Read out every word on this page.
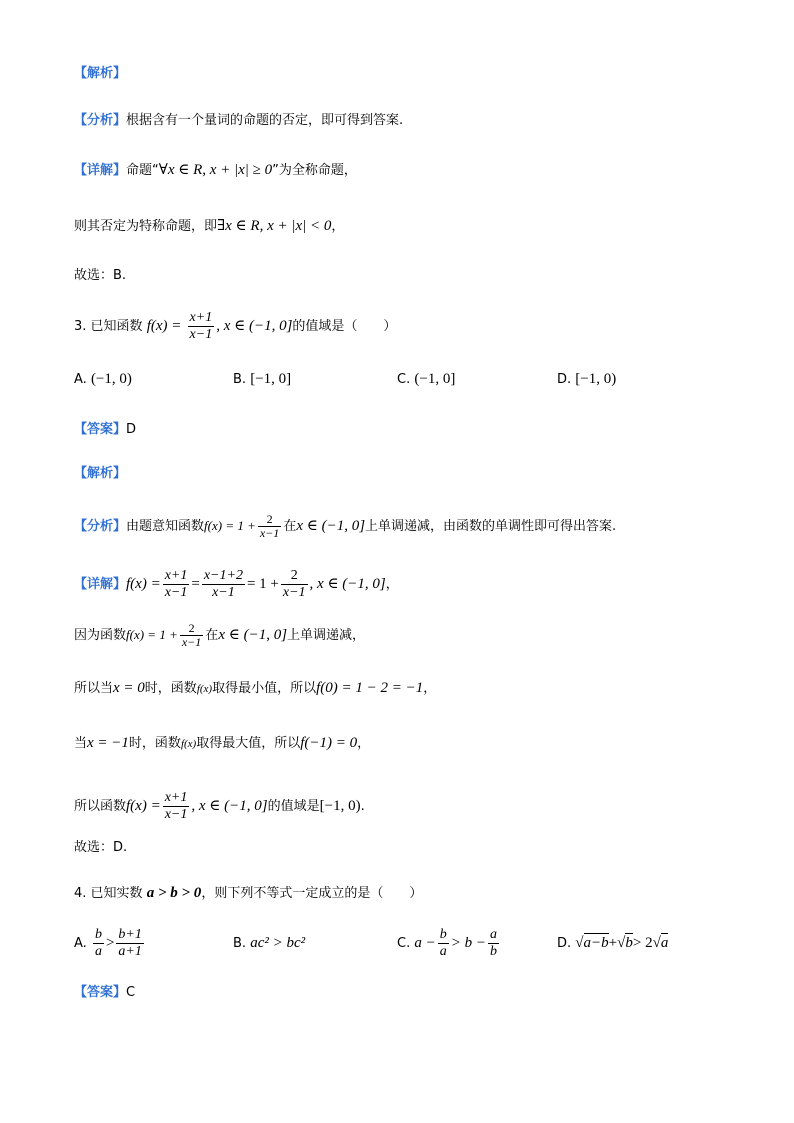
【解析】
【分析】根据含有一个量词的命题的否定，即可得到答案.
【详解】命题“∀x ∈ R, x + |x| ≥ 0”为全称命题，
则其否定为特称命题，即∃x ∈ R, x + |x| < 0，
故选：B.
3. 已知函数 $f(x) = \frac{x+1}{x-1}$ , x ∈ (−1, 0]的值域是（　　）
A. (−1, 0)	B. [−1, 0]	C. (−1, 0]	D. [−1, 0)
【答案】D
【解析】
【分析】由题意知函数$f(x) = 1 + \frac{2}{x-1}$ 在x ∈ (−1, 0]上单调递减，由函数的单调性即可得出答案.
【详解】$f(x) = \frac{x+1}{x-1} = \frac{x-1+2}{x-1} = 1 + \frac{2}{x-1}$ , x ∈ (−1, 0]，
因为函数$f(x) = 1 + \frac{2}{x-1}$ 在x ∈ (−1, 0]上单调递减，
所以当x = 0时，函数f(x)取得最小值，所以f(0) = 1 − 2 = −1，
当x = −1时，函数f(x)取得最大值，所以f(−1) = 0，
所以函数$f(x) = \frac{x+1}{x-1}$ , x ∈ (−1, 0]的值域是[−1, 0).
故选：D.
4. 已知实数 a > b > 0，则下列不等式一定成立的是（　　）
A. $\frac{b}{a} > \frac{b+1}{a+1}$	B. ac² > bc²	C. $a - \frac{b}{a} > b - \frac{a}{b}$	D. √a−b+√b> 2√a
【答案】C
